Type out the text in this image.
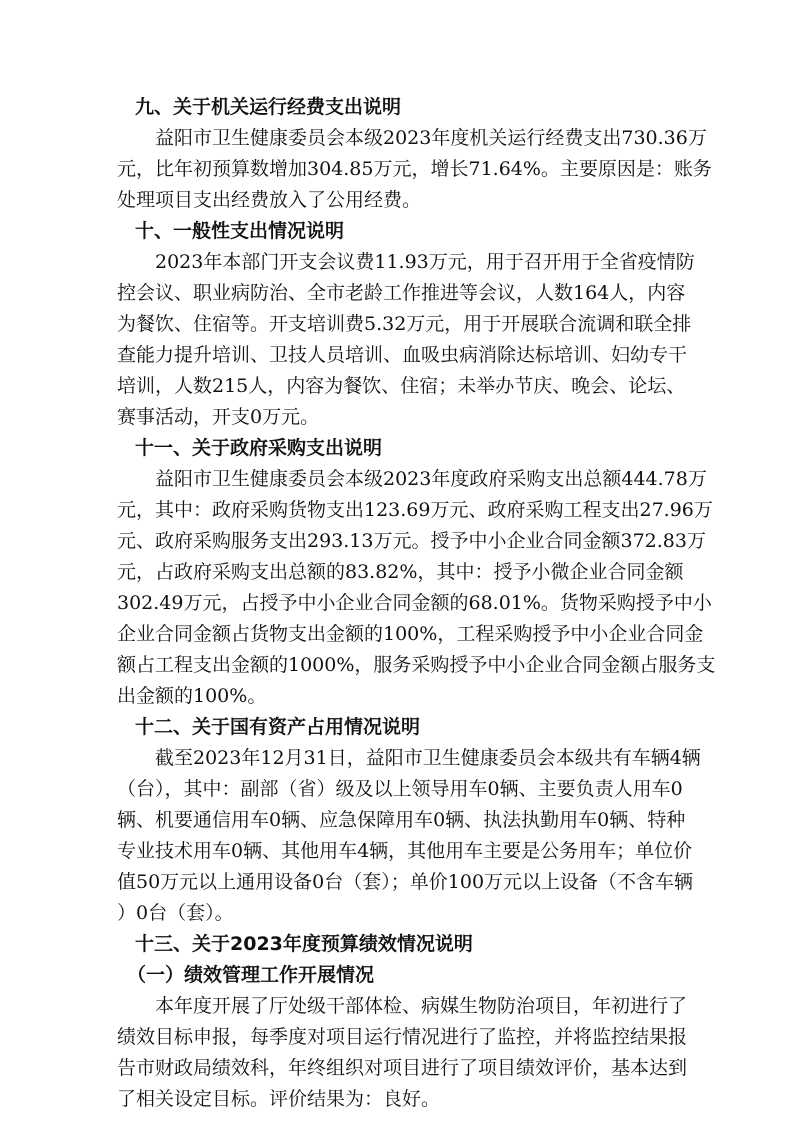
九、关于机关运行经费支出说明

益阳市卫生健康委员会本级2023年度机关运行经费支出730.36万

元，比年初预算数增加304.85万元，增长71.64%。主要原因是：账务

处理项目支出经费放入了公用经费。

十、一般性支出情况说明

2023年本部门开支会议费11.93万元，用于召开用于全省疫情防

控会议、职业病防治、全市老龄工作推进等会议，人数164人，内容

为餐饮、住宿等。开支培训费5.32万元，用于开展联合流调和联全排

查能力提升培训、卫技人员培训、血吸虫病消除达标培训、妇幼专干

培训，人数215人，内容为餐饮、住宿；未举办节庆、晚会、论坛、

赛事活动，开支0万元。

十一、关于政府采购支出说明

益阳市卫生健康委员会本级2023年度政府采购支出总额444.78万

元，其中：政府采购货物支出123.69万元、政府采购工程支出27.96万

元、政府采购服务支出293.13万元。授予中小企业合同金额372.83万

元，占政府采购支出总额的83.82%，其中：授予小微企业合同金额

302.49万元，占授予中小企业合同金额的68.01%。货物采购授予中小

企业合同金额占货物支出金额的100%，工程采购授予中小企业合同金

额占工程支出金额的1000%，服务采购授予中小企业合同金额占服务支

出金额的100%。

十二、关于国有资产占用情况说明

截至2023年12月31日，益阳市卫生健康委员会本级共有车辆4辆

（台），其中：副部（省）级及以上领导用车0辆、主要负责人用车0

辆、机要通信用车0辆、应急保障用车0辆、执法执勤用车0辆、特种

专业技术用车0辆、其他用车4辆，其他用车主要是公务用车；单位价

值50万元以上通用设备0台（套）；单价100万元以上设备（不含车辆

）0台（套）。

十三、关于2023年度预算绩效情况说明

（一）绩效管理工作开展情况

本年度开展了厅处级干部体检、病媒生物防治项目，年初进行了

绩效目标申报，每季度对项目运行情况进行了监控，并将监控结果报

告市财政局绩效科，年终组织对项目进行了项目绩效评价，基本达到

了相关设定目标。评价结果为：良好。
